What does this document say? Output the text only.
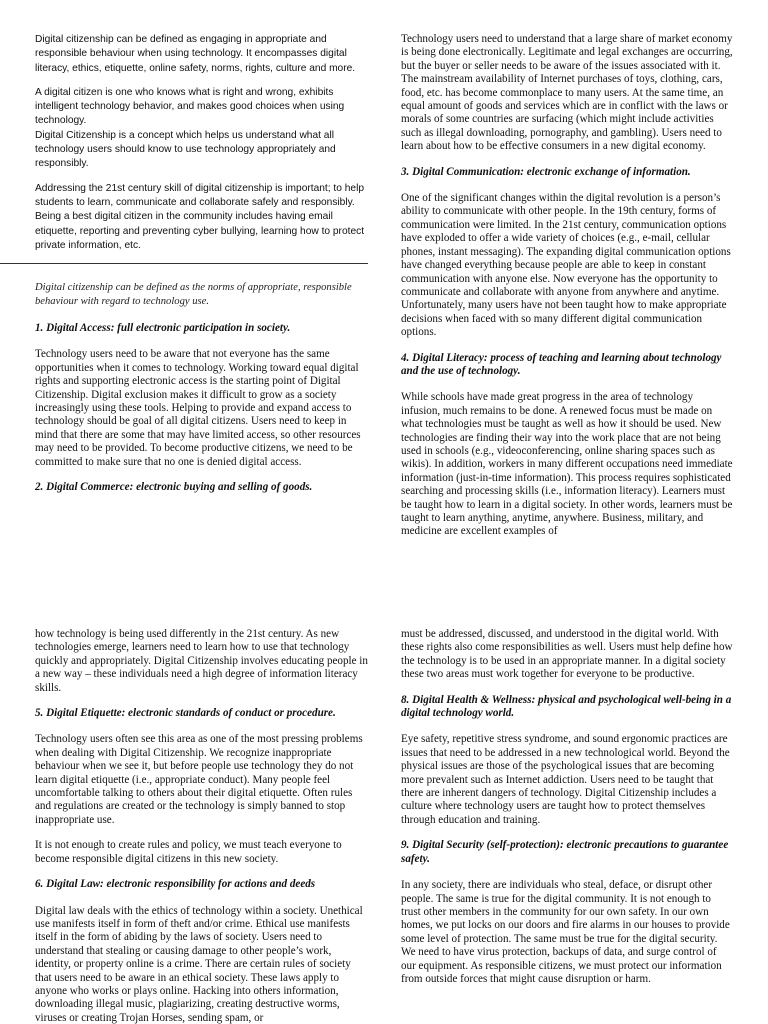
Digital citizenship can be defined as engaging in appropriate and responsible behaviour when using technology. It encompasses digital literacy, ethics, etiquette, online safety, norms, rights, culture and more.

A digital citizen is one who knows what is right and wrong, exhibits intelligent technology behavior, and makes good choices when using technology.

Digital Citizenship is a concept which helps us understand what all technology users should know to use technology appropriately and responsibly.

Addressing the 21st century skill of digital citizenship is important; to help students to learn, communicate and collaborate safely and responsibly. Being a best digital citizen in the community includes having email etiquette, reporting and preventing cyber bullying, learning how to protect private information, etc.

Digital citizenship can be defined as the norms of appropriate, responsible behaviour with regard to technology use.

1. Digital Access: full electronic participation in society.

Technology users need to be aware that not everyone has the same opportunities when it comes to technology. Working toward equal digital rights and supporting electronic access is the starting point of Digital Citizenship. Digital exclusion makes it difficult to grow as a society increasingly using these tools. Helping to provide and expand access to technology should be goal of all digital citizens. Users need to keep in mind that there are some that may have limited access, so other resources may need to be provided. To become productive citizens, we need to be committed to make sure that no one is denied digital access.

2. Digital Commerce: electronic buying and selling of goods.

Technology users need to understand that a large share of market economy is being done electronically. Legitimate and legal exchanges are occurring, but the buyer or seller needs to be aware of the issues associated with it. The mainstream availability of Internet purchases of toys, clothing, cars, food, etc. has become commonplace to many users. At the same time, an equal amount of goods and services which are in conflict with the laws or morals of some countries are surfacing (which might include activities such as illegal downloading, pornography, and gambling). Users need to learn about how to be effective consumers in a new digital economy.

3. Digital Communication: electronic exchange of information.

One of the significant changes within the digital revolution is a person’s ability to communicate with other people. In the 19th century, forms of communication were limited. In the 21st century, communication options have exploded to offer a wide variety of choices (e.g., e-mail, cellular phones, instant messaging). The expanding digital communication options have changed everything because people are able to keep in constant communication with anyone else. Now everyone has the opportunity to communicate and collaborate with anyone from anywhere and anytime. Unfortunately, many users have not been taught how to make appropriate decisions when faced with so many different digital communication options.

4. Digital Literacy: process of teaching and learning about technology and the use of technology.

While schools have made great progress in the area of technology infusion, much remains to be done. A renewed focus must be made on what technologies must be taught as well as how it should be used. New technologies are finding their way into the work place that are not being used in schools (e.g., videoconferencing, online sharing spaces such as wikis). In addition, workers in many different occupations need immediate information (just-in-time information). This process requires sophisticated searching and processing skills (i.e., information literacy). Learners must be taught how to learn in a digital society. In other words, learners must be taught to learn anything, anytime, anywhere. Business, military, and medicine are excellent examples of

how technology is being used differently in the 21st century. As new technologies emerge, learners need to learn how to use that technology quickly and appropriately. Digital Citizenship involves educating people in a new way – these individuals need a high degree of information literacy skills.

5. Digital Etiquette: electronic standards of conduct or procedure.

Technology users often see this area as one of the most pressing problems when dealing with Digital Citizenship. We recognize inappropriate behaviour when we see it, but before people use technology they do not learn digital etiquette (i.e., appropriate conduct). Many people feel uncomfortable talking to others about their digital etiquette. Often rules and regulations are created or the technology is simply banned to stop inappropriate use.

It is not enough to create rules and policy, we must teach everyone to become responsible digital citizens in this new society.

6. Digital Law: electronic responsibility for actions and deeds

Digital law deals with the ethics of technology within a society. Unethical use manifests itself in form of theft and/or crime. Ethical use manifests itself in the form of abiding by the laws of society. Users need to understand that stealing or causing damage to other people’s work, identity, or property online is a crime. There are certain rules of society that users need to be aware in an ethical society. These laws apply to anyone who works or plays online. Hacking into others information, downloading illegal music, plagiarizing, creating destructive worms, viruses or creating Trojan Horses, sending spam, or

must be addressed, discussed, and understood in the digital world. With these rights also come responsibilities as well. Users must help define how the technology is to be used in an appropriate manner. In a digital society these two areas must work together for everyone to be productive.

8. Digital Health & Wellness: physical and psychological well-being in a digital technology world.

Eye safety, repetitive stress syndrome, and sound ergonomic practices are issues that need to be addressed in a new technological world. Beyond the physical issues are those of the psychological issues that are becoming more prevalent such as Internet addiction. Users need to be taught that there are inherent dangers of technology. Digital Citizenship includes a culture where technology users are taught how to protect themselves through education and training.

9. Digital Security (self-protection): electronic precautions to guarantee safety.

In any society, there are individuals who steal, deface, or disrupt other people. The same is true for the digital community. It is not enough to trust other members in the community for our own safety. In our own homes, we put locks on our doors and fire alarms in our houses to provide some level of protection. The same must be true for the digital security. We need to have virus protection, backups of data, and surge control of our equipment. As responsible citizens, we must protect our information from outside forces that might cause disruption or harm.
